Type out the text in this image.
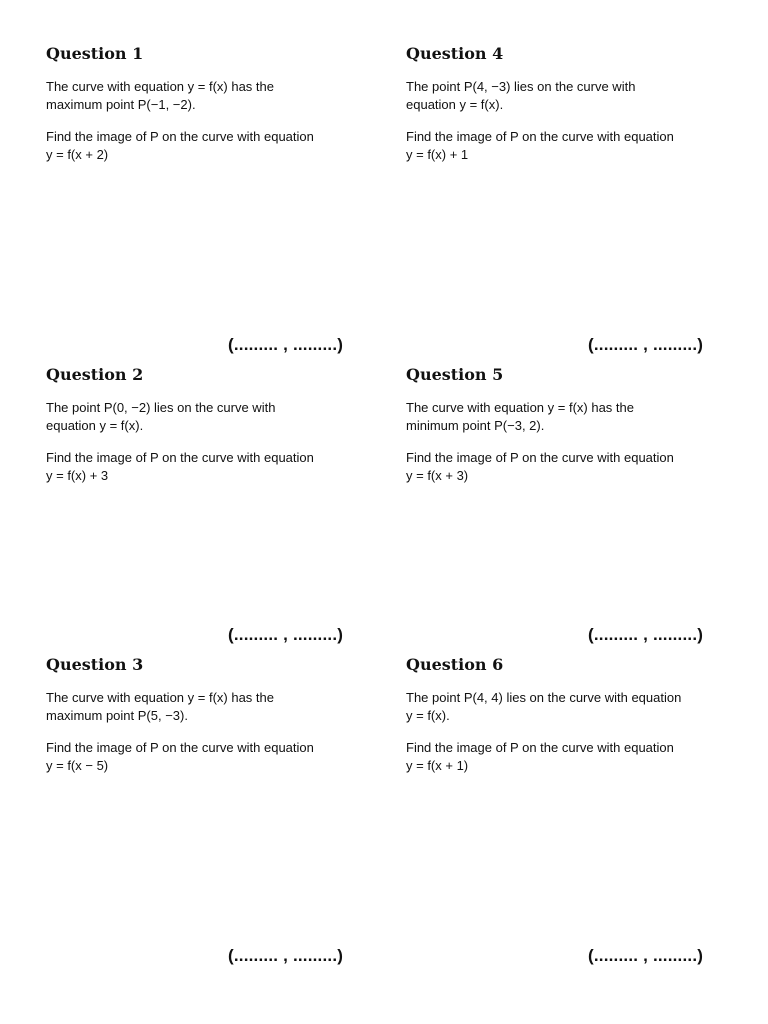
Question 1
The curve with equation y = f(x) has the
maximum point P(−1, −2).
Find the image of P on the curve with equation
y = f(x + 2)
(......... , .........)
Question 2
The point P(0, −2) lies on the curve with
equation y = f(x).
Find the image of P on the curve with equation
y = f(x) + 3
(......... , .........)
Question 3
The curve with equation y = f(x) has the
maximum point P(5, −3).
Find the image of P on the curve with equation
y = f(x − 5)
(......... , .........)
Question 4
The point P(4, −3) lies on the curve with
equation y = f(x).
Find the image of P on the curve with equation
y = f(x) + 1
(......... , .........)
Question 5
The curve with equation y = f(x) has the
minimum point P(−3, 2).
Find the image of P on the curve with equation
y = f(x + 3)
(......... , .........)
Question 6
The point P(4, 4) lies on the curve with equation
y = f(x).
Find the image of P on the curve with equation
y = f(x + 1)
(......... , .........)
